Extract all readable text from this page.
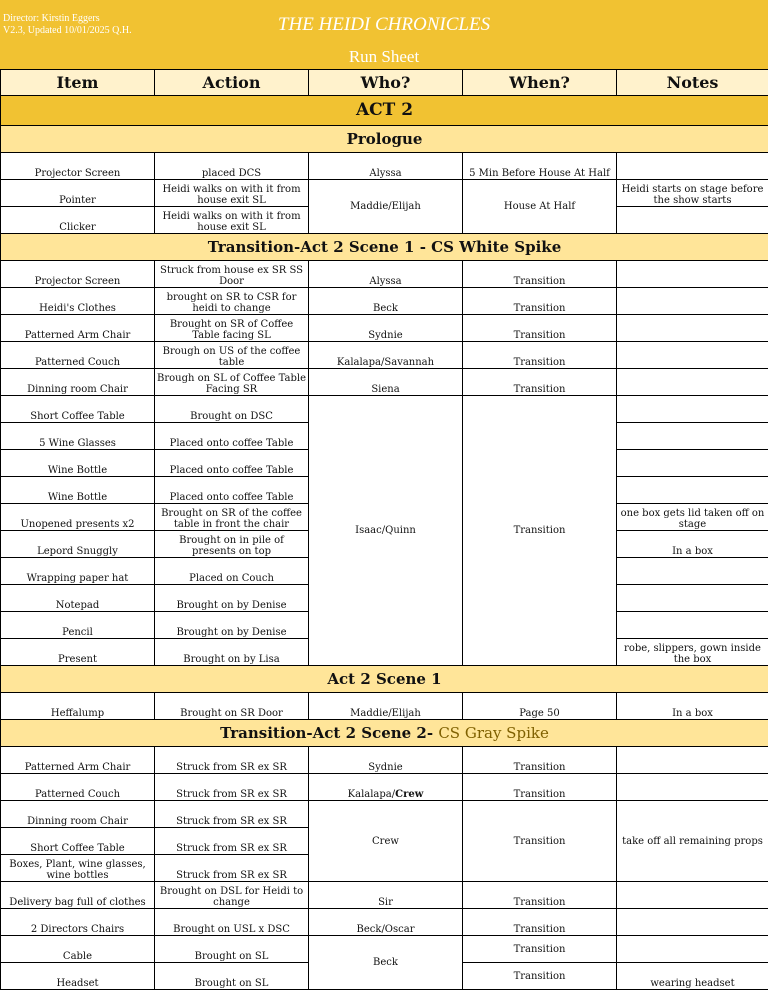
Director: Kirstin Eggers
V2.3, Updated 10/01/2025 Q.H.	THE HEIDI CHRONICLES
Run Sheet
Item	Action	Who?	When?	Notes
ACT 2				
Prologue				
Projector Screen	placed DCS	Alyssa	5 Min Before House At Half	
Pointer	Heidi walks on with it from house exit SL	Maddie/Elijah	House At Half	Heidi starts on stage before the show starts
Clicker	Heidi walks on with it from house exit SL			
Transition-Act 2 Scene 1 - CS White Spike				
Projector Screen	Struck from house ex SR SS Door	Alyssa	Transition	
Heidi's Clothes	brought on SR to CSR for heidi to change	Beck	Transition	
Patterned Arm Chair	Brought on SR of Coffee Table facing SL	Sydnie	Transition	
Patterned Couch	Brough on US of the coffee table	Kalalapa/Savannah	Transition	
Dinning room Chair	Brough on SL of Coffee Table Facing SR	Siena	Transition	
Short Coffee Table	Brought on DSC	Isaac/Quinn	Transition	
5 Wine Glasses	Placed onto coffee Table			
Wine Bottle	Placed onto coffee Table			
Wine Bottle	Placed onto coffee Table			
Unopened presents x2	Brought on SR of the coffee table in front the chair			one box gets lid taken off on stage
Lepord Snuggly	Brought on in pile of presents on top			In a box
Wrapping paper hat	Placed on Couch			
Notepad	Brought on by Denise			
Pencil	Brought on by Denise			
Present	Brought on by Lisa			robe, slippers, gown inside the box
Act 2 Scene 1				
Heffalump	Brought on SR Door	Maddie/Elijah	Page 50	In a box
Transition-Act 2 Scene 2- CS Gray Spike				
Patterned Arm Chair	Struck from SR ex SR	Sydnie	Transition	
Patterned Couch	Struck from SR ex SR	Kalalapa/Crew	Transition	
Dinning room Chair	Struck from SR ex SR	Crew	Transition	take off all remaining props
Short Coffee Table	Struck from SR ex SR			
Boxes, Plant, wine glasses, wine bottles	Struck from SR ex SR			
Delivery bag full of clothes	Brought on DSL for Heidi to change	Sir	Transition	
2 Directors Chairs	Brought on USL x DSC	Beck/Oscar	Transition	
Cable	Brought on SL	Beck	Transition	
Headset	Brought on SL		Transition	wearing headset
